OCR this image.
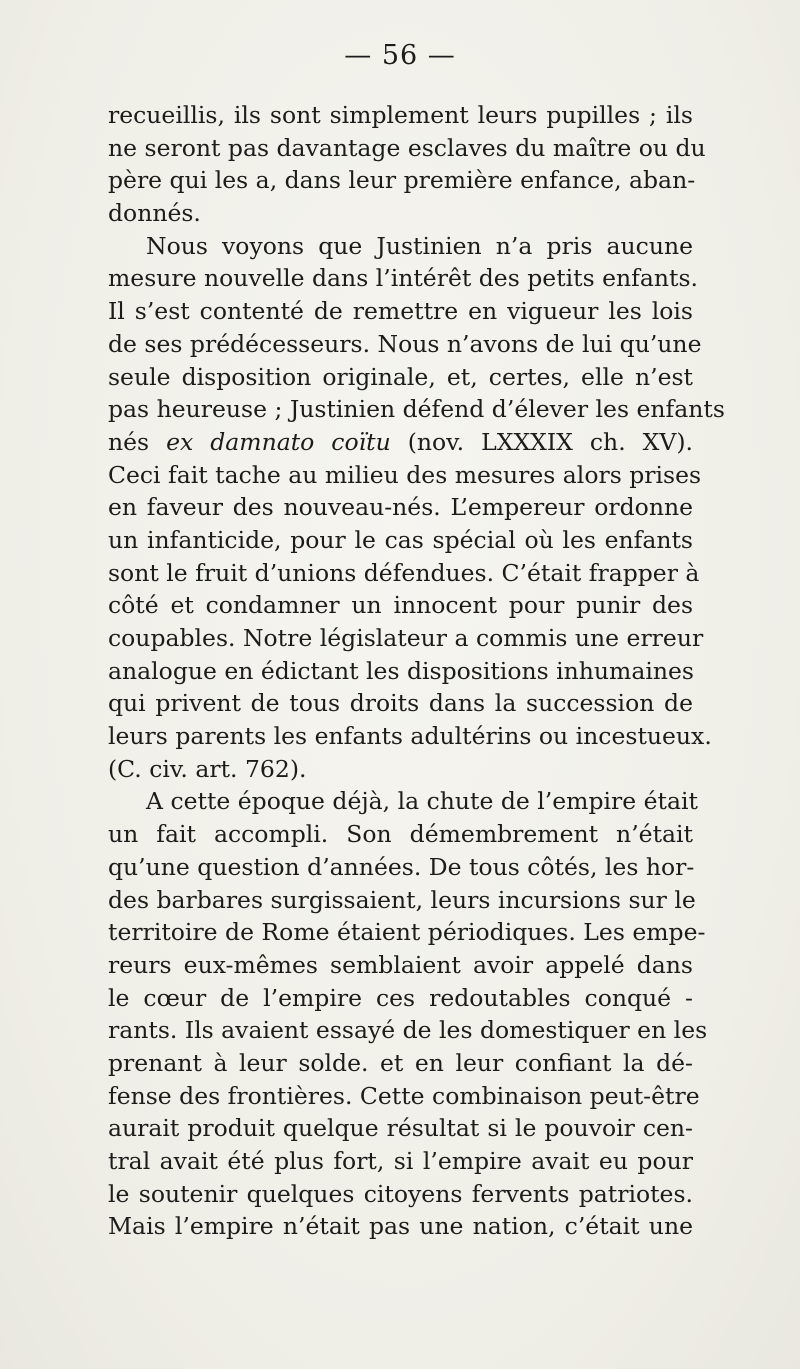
— 56 —
recueillis, ils sont simplement leurs pupilles ; ils
ne seront pas davantage esclaves du maître ou du
père qui les a, dans leur première enfance, aban-
donnés.
Nous voyons que Justinien n’a pris aucune
mesure nouvelle dans l’intérêt des petits enfants.
Il s’est contenté de remettre en vigueur les lois
de ses prédécesseurs. Nous n’avons de lui qu’une
seule disposition originale, et, certes, elle n’est
pas heureuse ; Justinien défend d’élever les enfants
nés ex damnato coïtu (nov. LXXXIX ch. XV).
Ceci fait tache au milieu des mesures alors prises
en faveur des nouveau-nés. L’empereur ordonne
un infanticide, pour le cas spécial où les enfants
sont le fruit d’unions défendues. C’était frapper à
côté et condamner un innocent pour punir des
coupables. Notre législateur a commis une erreur
analogue en édictant les dispositions inhumaines
qui privent de tous droits dans la succession de
leurs parents les enfants adultérins ou incestueux.
(C. civ. art. 762).
A cette époque déjà, la chute de l’empire était
un fait accompli. Son démembrement n’était
qu’une question d’années. De tous côtés, les hor-
des barbares surgissaient, leurs incursions sur le
territoire de Rome étaient périodiques. Les empe-
reurs eux-mêmes semblaient avoir appelé dans
le cœur de l’empire ces redoutables conqué -
rants. Ils avaient essayé de les domestiquer en les
prenant à leur solde. et en leur confiant la dé-
fense des frontières. Cette combinaison peut-être
aurait produit quelque résultat si le pouvoir cen-
tral avait été plus fort, si l’empire avait eu pour
le soutenir quelques citoyens fervents patriotes.
Mais l’empire n’était pas une nation, c’était une
